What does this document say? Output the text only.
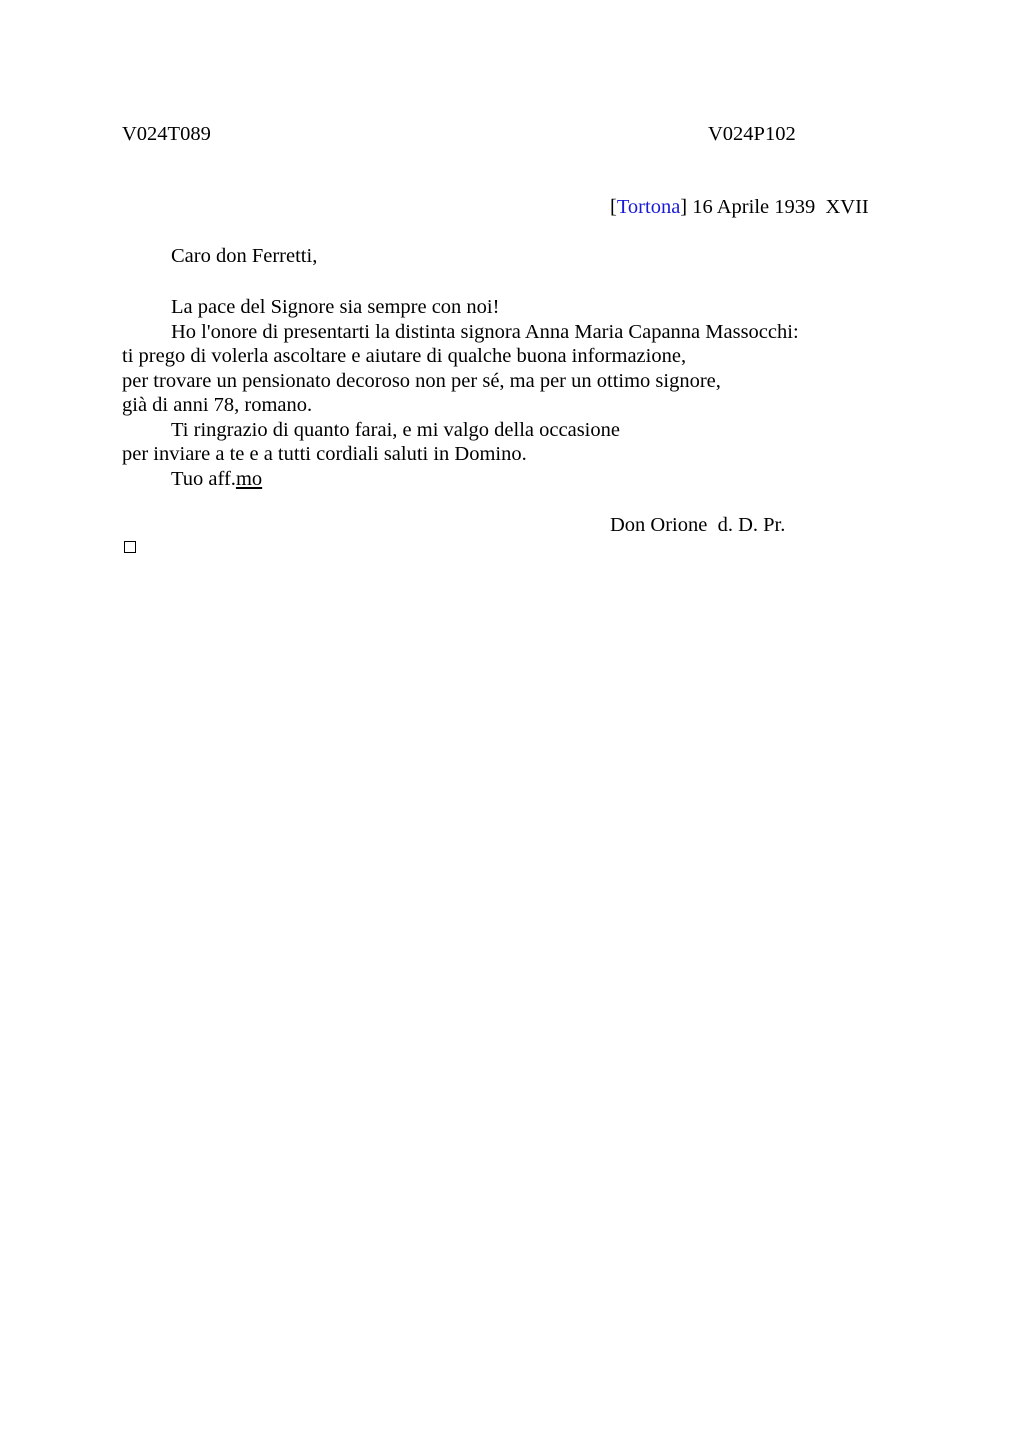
V024T089	V024P102
[Tortona] 16 Aprile 1939  XVII
Caro don Ferretti,
La pace del Signore sia sempre con noi!
Ho l'onore di presentarti la distinta signora Anna Maria Capanna Massocchi:
ti prego di volerla ascoltare e aiutare di qualche buona informazione,
per trovare un pensionato decoroso non per sé, ma per un ottimo signore,
già di anni 78, romano.
Ti ringrazio di quanto farai, e mi valgo della occasione
per inviare a te e a tutti cordiali saluti in Domino.
Tuo aff.mo
Don Orione  d. D. Pr.
